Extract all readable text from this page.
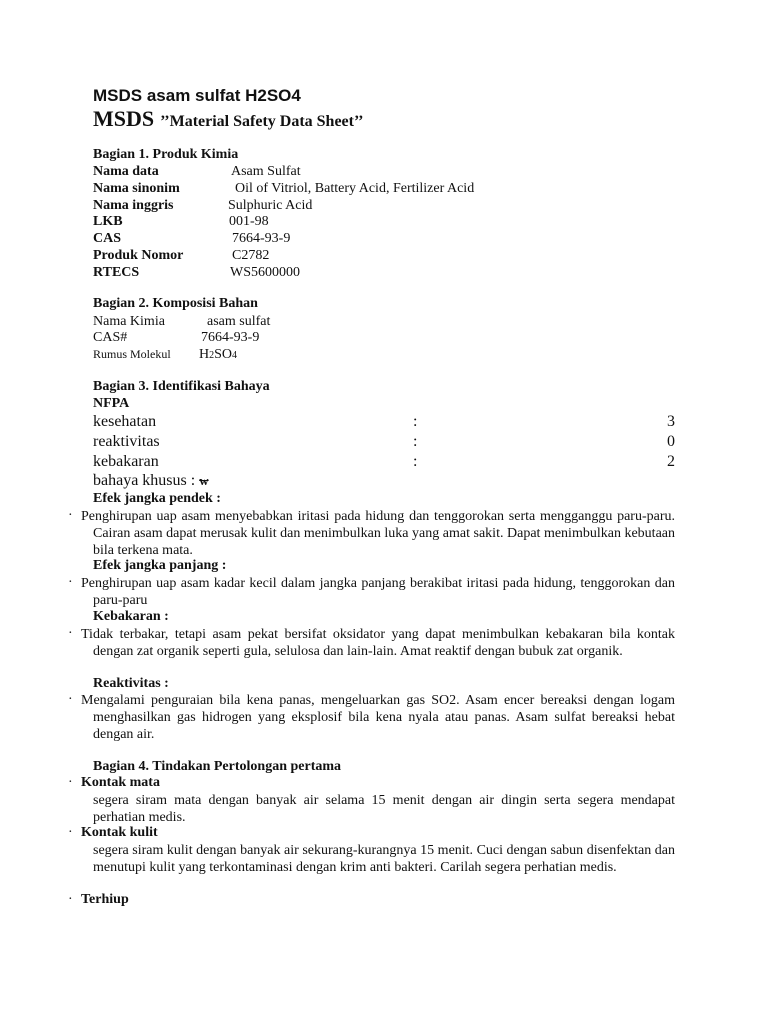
MSDS asam sulfat H2SO4
MSDS ’’Material Safety Data Sheet’’
Bagian 1. Produk Kimia
Nama data	Asam Sulfat
Nama sinonim	Oil of Vitriol, Battery Acid, Fertilizer Acid
Nama inggris	Sulphuric Acid
LKB	001-98
CAS	7664-93-9
Produk Nomor	C2782
RTECS	WS5600000
Bagian 2. Komposisi Bahan
Nama Kimia	asam sulfat
CAS#	7664-93-9
Rumus Molekul H2SO4
Bagian 3. Identifikasi Bahaya
NFPA
kesehatan	:	3
reaktivitas	:	0
kebakaran	:	2
bahaya khusus : w
Efek jangka pendek :
· Penghirupan uap asam menyebabkan iritasi pada hidung dan tenggorokan serta mengganggu paru-paru. Cairan asam dapat merusak kulit dan menimbulkan luka yang amat sakit. Dapat menimbulkan kebutaan bila terkena mata.
Efek jangka panjang :
· Penghirupan uap asam kadar kecil dalam jangka panjang berakibat iritasi pada hidung, tenggorokan dan paru-paru
Kebakaran :
· Tidak terbakar, tetapi asam pekat bersifat oksidator yang dapat menimbulkan kebakaran bila kontak dengan zat organik seperti gula, selulosa dan lain-lain. Amat reaktif dengan bubuk zat organik.
Reaktivitas :
· Mengalami penguraian bila kena panas, mengeluarkan gas SO2. Asam encer bereaksi dengan logam menghasilkan gas hidrogen yang eksplosif bila kena nyala atau panas. Asam sulfat bereaksi hebat dengan air.
Bagian 4. Tindakan Pertolongan pertama
· Kontak mata
segera siram mata dengan banyak air selama 15 menit dengan air dingin serta segera mendapat perhatian medis.
· Kontak kulit
segera siram kulit dengan banyak air sekurang-kurangnya 15 menit. Cuci dengan sabun disenfektan dan menutupi kulit yang terkontaminasi dengan krim anti bakteri. Carilah segera perhatian medis.
· Terhiup
